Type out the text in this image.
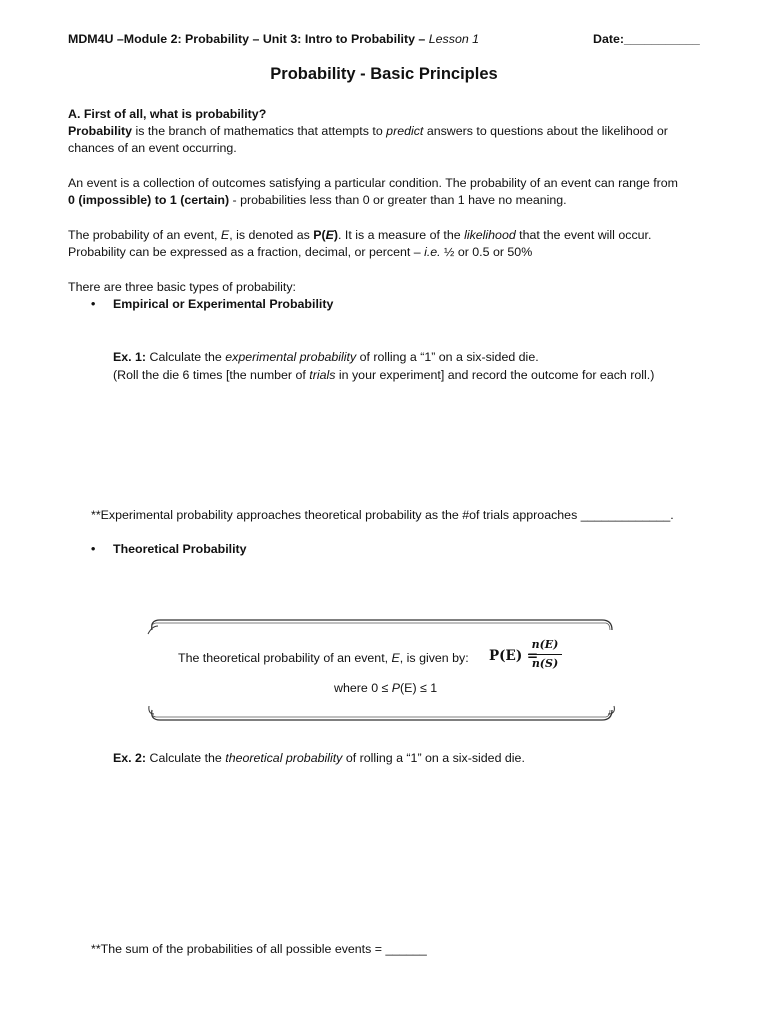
MDM4U –Module 2: Probability – Unit 3: Intro to Probability – Lesson 1	Date:___________
Probability - Basic Principles
A. First of all, what is probability?
Probability is the branch of mathematics that attempts to predict answers to questions about the likelihood or
chances of an event occurring.
An event is a collection of outcomes satisfying a particular condition. The probability of an event can range from
0 (impossible) to 1 (certain) - probabilities less than 0 or greater than 1 have no meaning.
The probability of an event, E, is denoted as P(E). It is a measure of the likelihood that the event will occur.
Probability can be expressed as a fraction, decimal, or percent – i.e. ½ or 0.5 or 50%
There are three basic types of probability:
• Empirical or Experimental Probability
Ex. 1: Calculate the experimental probability of rolling a “1” on a six-sided die.
(Roll the die 6 times [the number of trials in your experiment] and record the outcome for each roll.)
**Experimental probability approaches theoretical probability as the #of trials approaches _____________.
• Theoretical Probability
The theoretical probability of an event, E, is given by: P(E) =
n(E)
n(S)
where 0 ≤ P(E) ≤ 1
Ex. 2: Calculate the theoretical probability of rolling a “1” on a six-sided die.
**The sum of the probabilities of all possible events = ______
